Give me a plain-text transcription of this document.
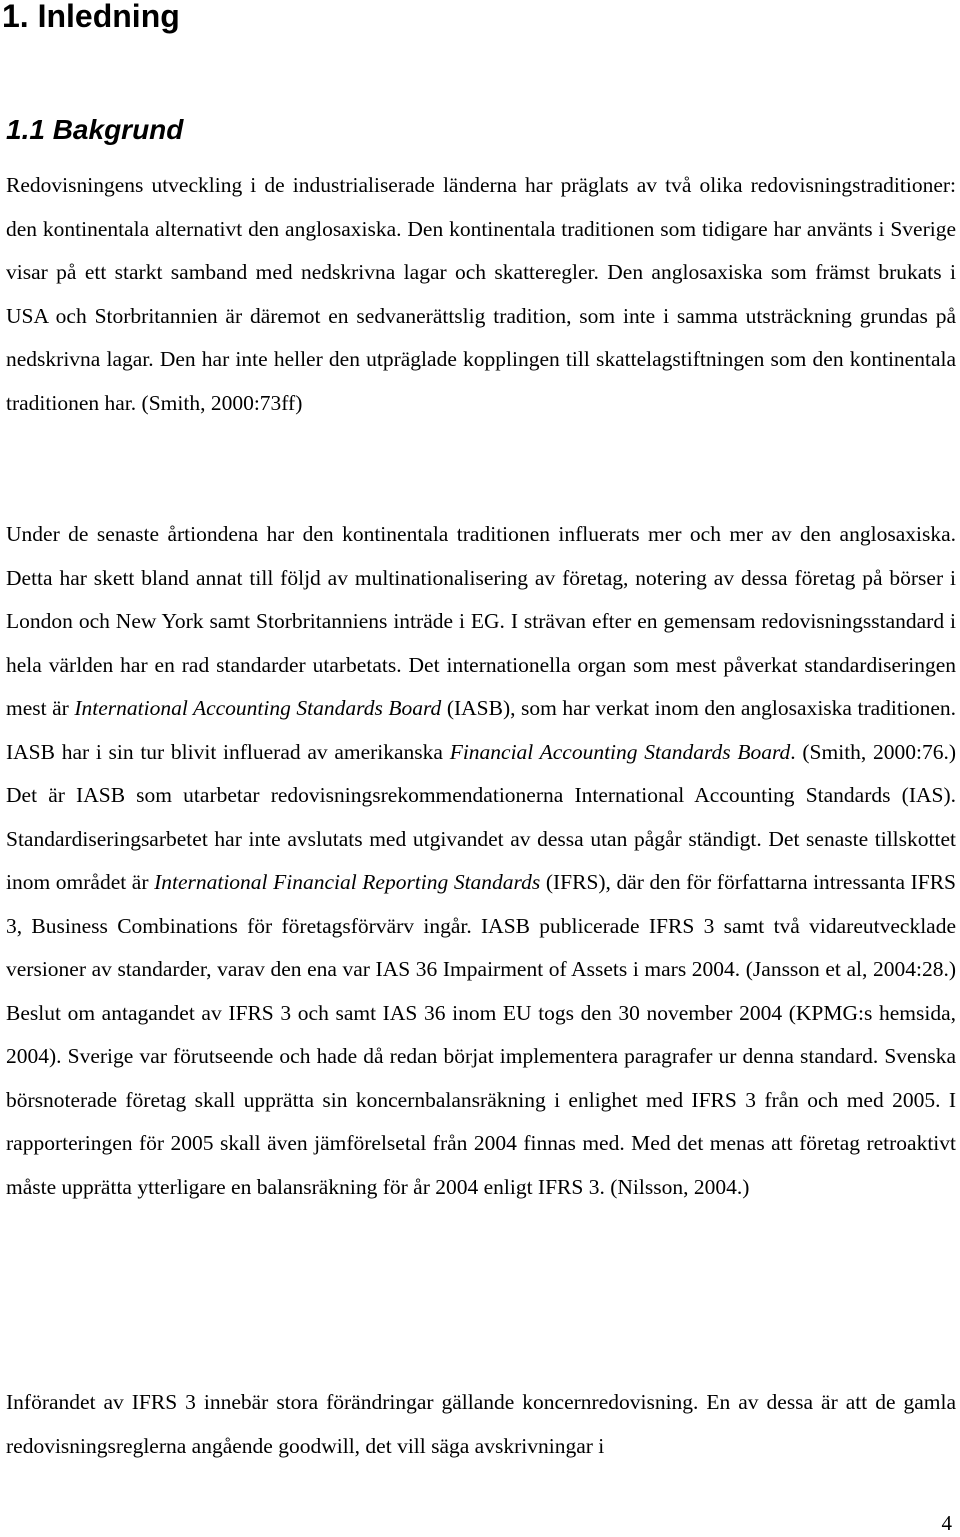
1. Inledning
1.1 Bakgrund

Redovisningens utveckling i de industrialiserade länderna har präglats av två olika redovisningstraditioner: den kontinentala alternativt den anglosaxiska. Den kontinentala traditionen som tidigare har använts i Sverige visar på ett starkt samband med nedskrivna lagar och skatteregler. Den anglosaxiska som främst brukats i USA och Storbritannien är däremot en sedvanerättslig tradition, som inte i samma utsträckning grundas på nedskrivna lagar. Den har inte heller den utpräglade kopplingen till skattelagstiftningen som den kontinentala traditionen har. (Smith, 2000:73ff)

Under de senaste årtiondena har den kontinentala traditionen influerats mer och mer av den anglosaxiska. Detta har skett bland annat till följd av multinationalisering av företag, notering av dessa företag på börser i London och New York samt Storbritanniens inträde i EG. I strävan efter en gemensam redovisningsstandard i hela världen har en rad standarder utarbetats. Det internationella organ som mest påverkat standardiseringen mest är International Accounting Standards Board (IASB), som har verkat inom den anglosaxiska traditionen. IASB har i sin tur blivit influerad av amerikanska Financial Accounting Standards Board. (Smith, 2000:76.) Det är IASB som utarbetar redovisningsrekommendationerna International Accounting Standards (IAS). Standardiseringsarbetet har inte avslutats med utgivandet av dessa utan pågår ständigt. Det senaste tillskottet inom området är International Financial Reporting Standards (IFRS), där den för författarna intressanta IFRS 3, Business Combinations för företagsförvärv ingår. IASB publicerade IFRS 3 samt två vidareutvecklade versioner av standarder, varav den ena var IAS 36 Impairment of Assets i mars 2004. (Jansson et al, 2004:28.) Beslut om antagandet av IFRS 3 och samt IAS 36 inom EU togs den 30 november 2004 (KPMG:s hemsida, 2004). Sverige var förutseende och hade då redan börjat implementera paragrafer ur denna standard. Svenska börsnoterade företag skall upprätta sin koncernbalansräkning i enlighet med IFRS 3 från och med 2005. I rapporteringen för 2005 skall även jämförelsetal från 2004 finnas med. Med det menas att företag retroaktivt måste upprätta ytterligare en balansräkning för år 2004 enligt IFRS 3. (Nilsson, 2004.)

Införandet av IFRS 3 innebär stora förändringar gällande koncernredovisning. En av dessa är att de gamla redovisningsreglerna angående goodwill, det vill säga avskrivningar i

4
